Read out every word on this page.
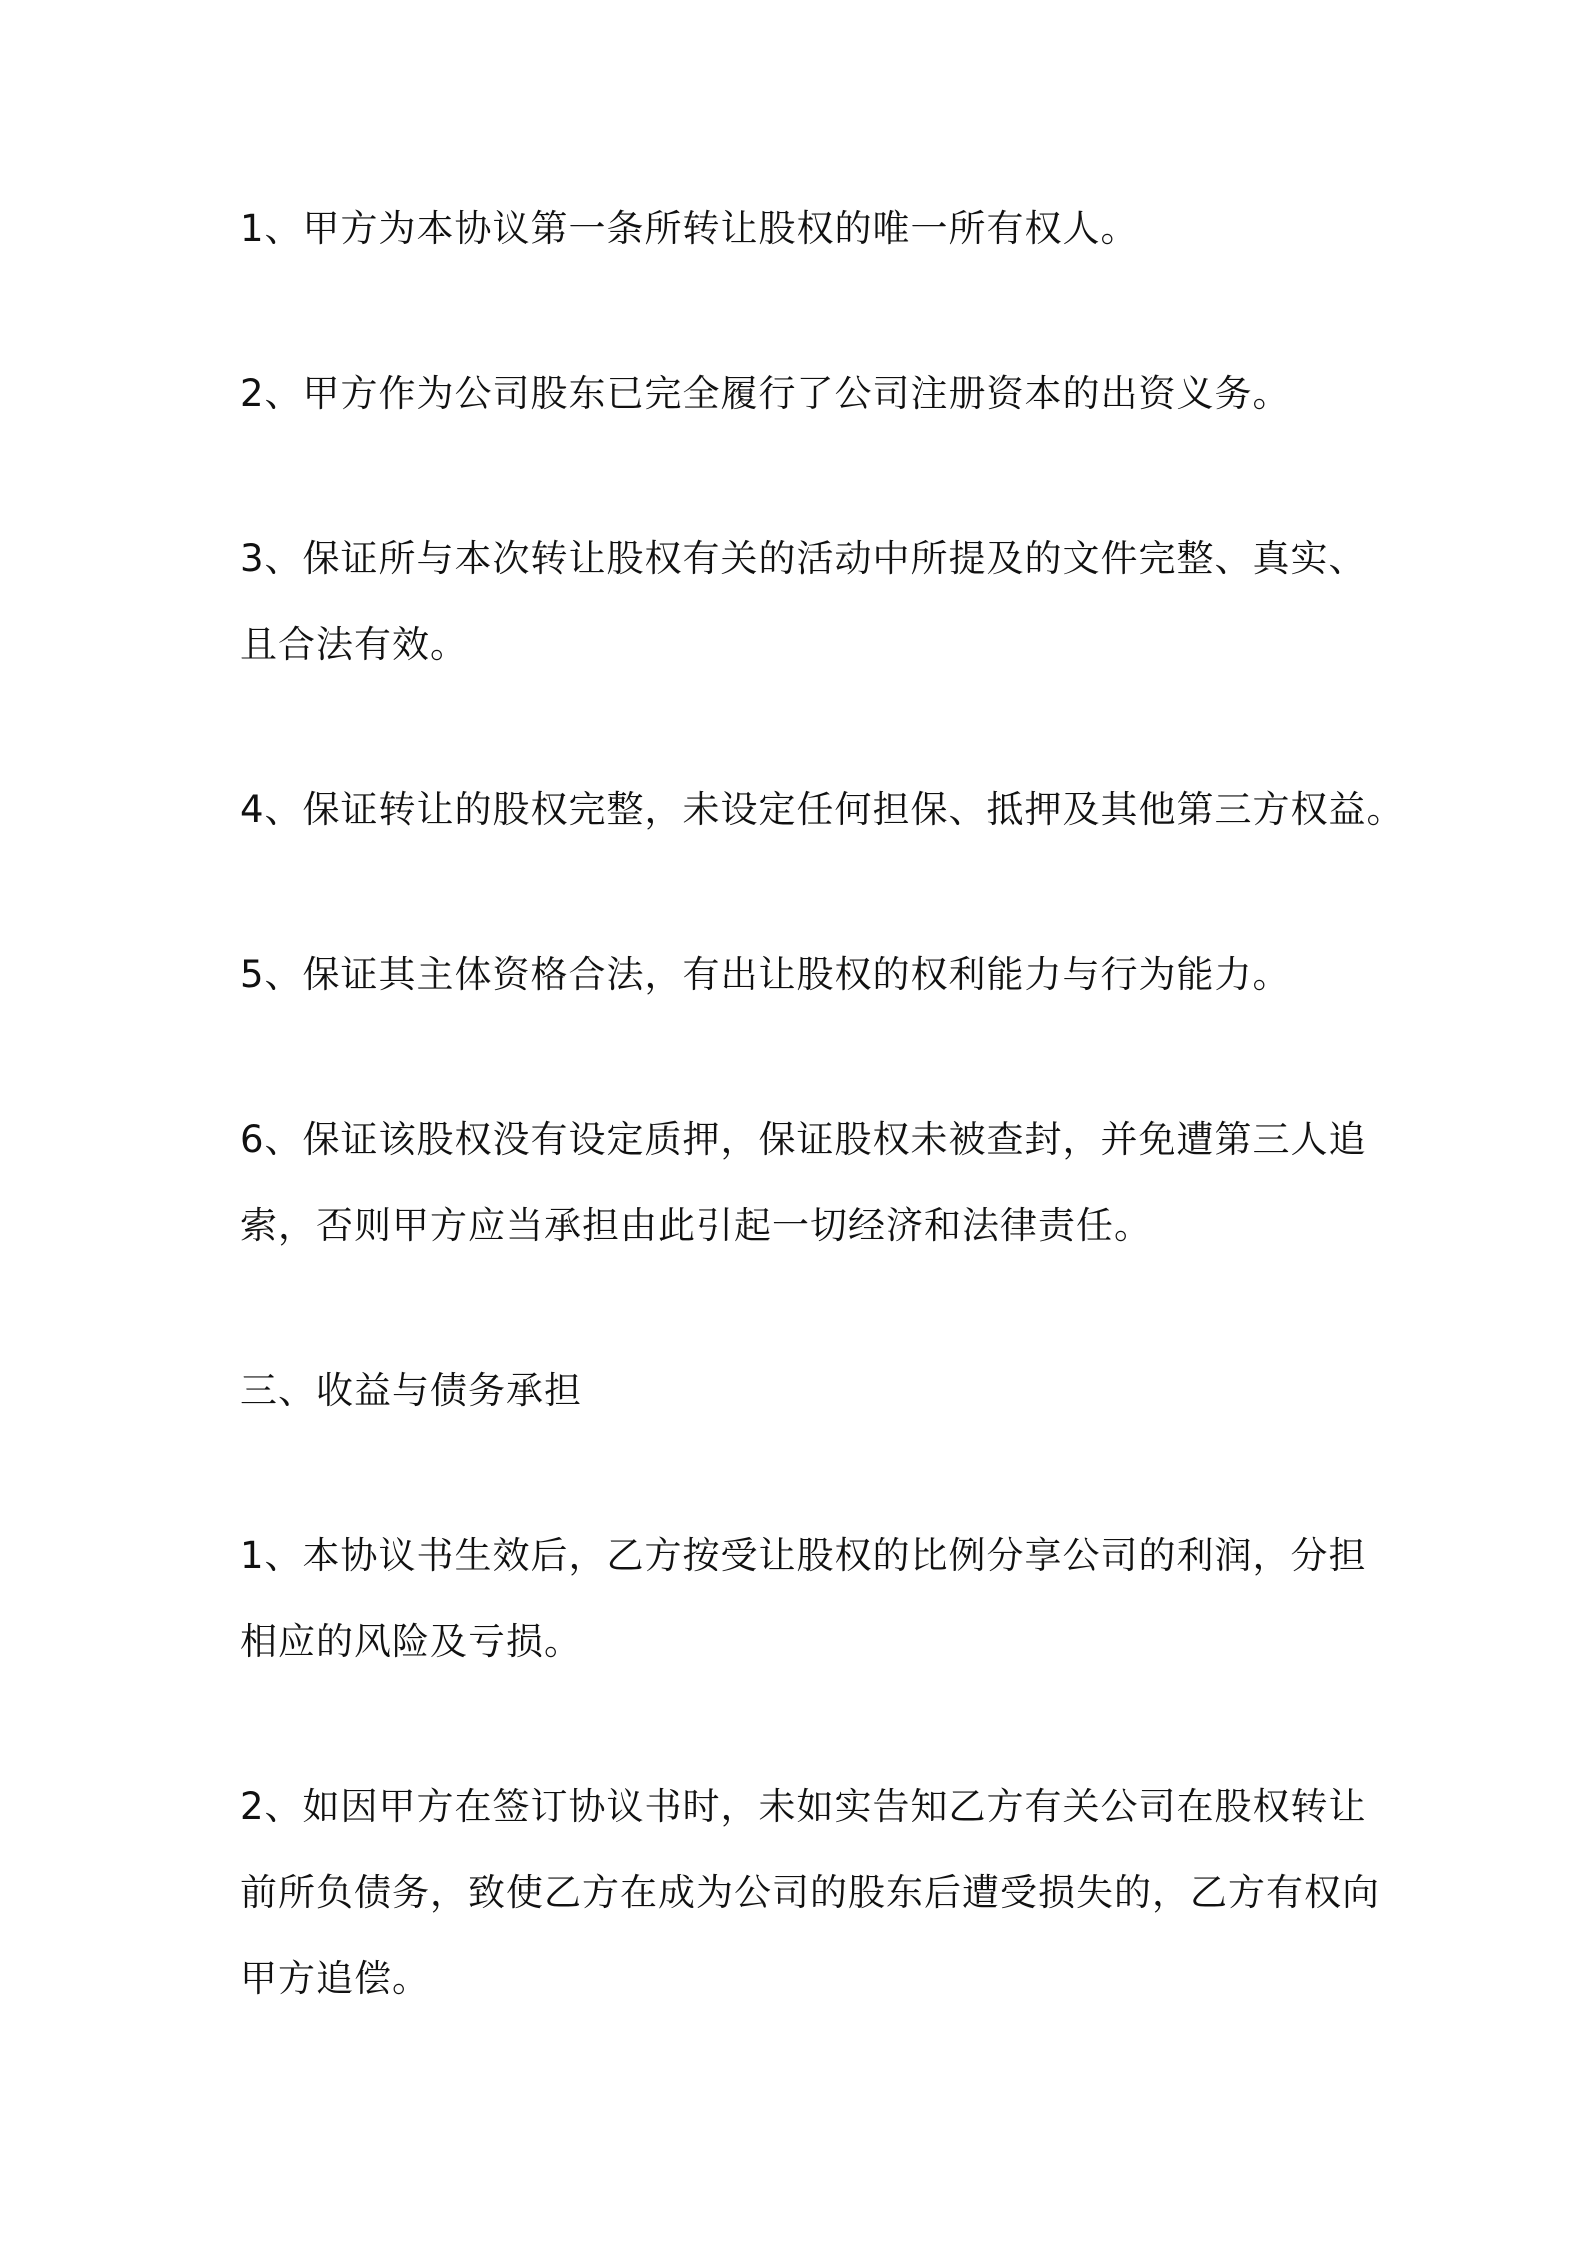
1、甲方为本协议第一条所转让股权的唯一所有权人。

2、甲方作为公司股东已完全履行了公司注册资本的出资义务。

3、保证所与本次转让股权有关的活动中所提及的文件完整、真实、
且合法有效。

4、保证转让的股权完整，未设定任何担保、抵押及其他第三方权益。

5、保证其主体资格合法，有出让股权的权利能力与行为能力。

6、保证该股权没有设定质押，保证股权未被查封，并免遭第三人追
索，否则甲方应当承担由此引起一切经济和法律责任。

三、收益与债务承担

1、本协议书生效后，乙方按受让股权的比例分享公司的利润，分担
相应的风险及亏损。

2、如因甲方在签订协议书时，未如实告知乙方有关公司在股权转让
前所负债务，致使乙方在成为公司的股东后遭受损失的，乙方有权向
甲方追偿。
